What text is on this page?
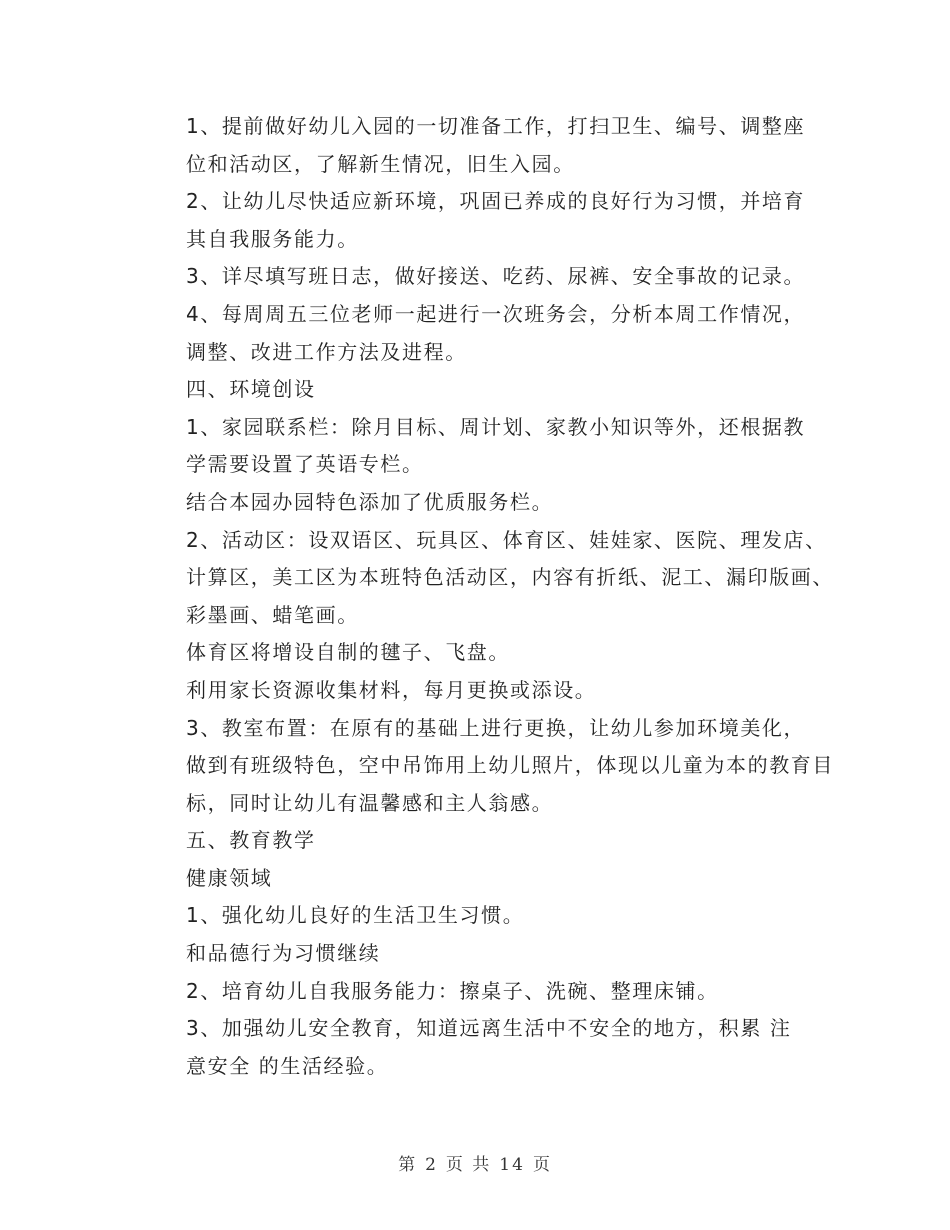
1、提前做好幼儿入园的一切准备工作，打扫卫生、编号、调整座
位和活动区，了解新生情况，旧生入园。

2、让幼儿尽快适应新环境，巩固已养成的良好行为习惯，并培育
其自我服务能力。

3、详尽填写班日志，做好接送、吃药、尿裤、安全事故的记录。

4、每周周五三位老师一起进行一次班务会，分析本周工作情况，
调整、改进工作方法及进程。

四、环境创设

1、家园联系栏：除月目标、周计划、家教小知识等外，还根据教
学需要设置了英语专栏。

结合本园办园特色添加了优质服务栏。

2、活动区：设双语区、玩具区、体育区、娃娃家、医院、理发店、
计算区，美工区为本班特色活动区，内容有折纸、泥工、漏印版画、
彩墨画、蜡笔画。

体育区将增设自制的毽子、飞盘。

利用家长资源收集材料，每月更换或添设。

3、教室布置：在原有的基础上进行更换，让幼儿参加环境美化，
做到有班级特色，空中吊饰用上幼儿照片，体现以儿童为本的教育目
标，同时让幼儿有温馨感和主人翁感。

五、教育教学

健康领域

1、强化幼儿良好的生活卫生习惯。

和品德行为习惯继续

2、培育幼儿自我服务能力：擦桌子、洗碗、整理床铺。

3、加强幼儿安全教育，知道远离生活中不安全的地方，积累 注
意安全 的生活经验。

第 2 页 共 14 页
